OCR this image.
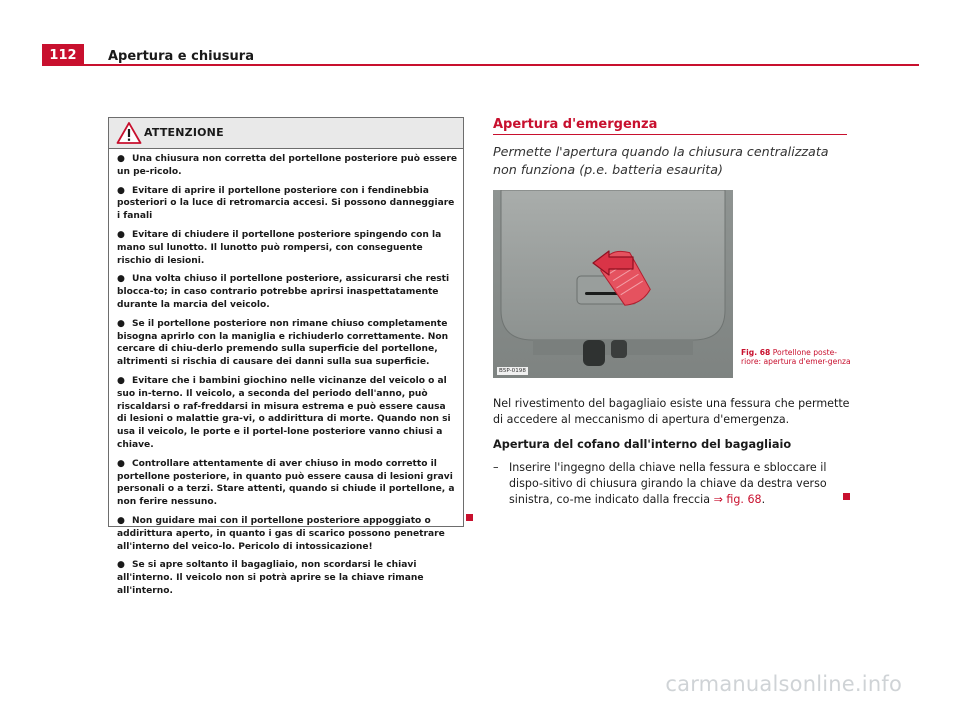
112	Apertura e chiusura
ATTENZIONE
● Una chiusura non corretta del portellone posteriore può essere un pe-ricolo.
● Evitare di aprire il portellone posteriore con i fendinebbia posteriori o la luce di retromarcia accesi. Si possono danneggiare i fanali
● Evitare di chiudere il portellone posteriore spingendo con la mano sul lunotto. Il lunotto può rompersi, con conseguente rischio di lesioni.
● Una volta chiuso il portellone posteriore, assicurarsi che resti blocca-to; in caso contrario potrebbe aprirsi inaspettatamente durante la marcia del veicolo.
● Se il portellone posteriore non rimane chiuso completamente bisogna aprirlo con la maniglia e richiuderlo correttamente. Non cercare di chiu-derlo premendo sulla superficie del portellone, altrimenti si rischia di causare dei danni sulla sua superficie.
● Evitare che i bambini giochino nelle vicinanze del veicolo o al suo in-terno. Il veicolo, a seconda del periodo dell'anno, può riscaldarsi o raf-freddarsi in misura estrema e può essere causa di lesioni o malattie gra-vi, o addirittura di morte. Quando non si usa il veicolo, le porte e il portel-lone posteriore vanno chiusi a chiave.
● Controllare attentamente di aver chiuso in modo corretto il portellone posteriore, in quanto può essere causa di lesioni gravi personali o a terzi. Stare attenti, quando si chiude il portellone, a non ferire nessuno.
● Non guidare mai con il portellone posteriore appoggiato o addirittura aperto, in quanto i gas di scarico possono penetrare all'interno del veico-lo. Pericolo di intossicazione!
● Se si apre soltanto il bagagliaio, non scordarsi le chiavi all'interno. Il veicolo non si potrà aprire se la chiave rimane all'interno.
Apertura d'emergenza
Permette l'apertura quando la chiusura centralizzata non funziona (p.e. batteria esaurita)
B5P-0198
Fig. 68 Portellone poste-riore: apertura d'emer-genza
Nel rivestimento del bagagliaio esiste una fessura che permette di accedere al meccanismo di apertura d'emergenza.
Apertura del cofano dall'interno del bagagliaio
– Inserire l'ingegno della chiave nella fessura e sbloccare il dispo-sitivo di chiusura girando la chiave da destra verso sinistra, co-me indicato dalla freccia ⇒ fig. 68.
carmanualsonline.info
